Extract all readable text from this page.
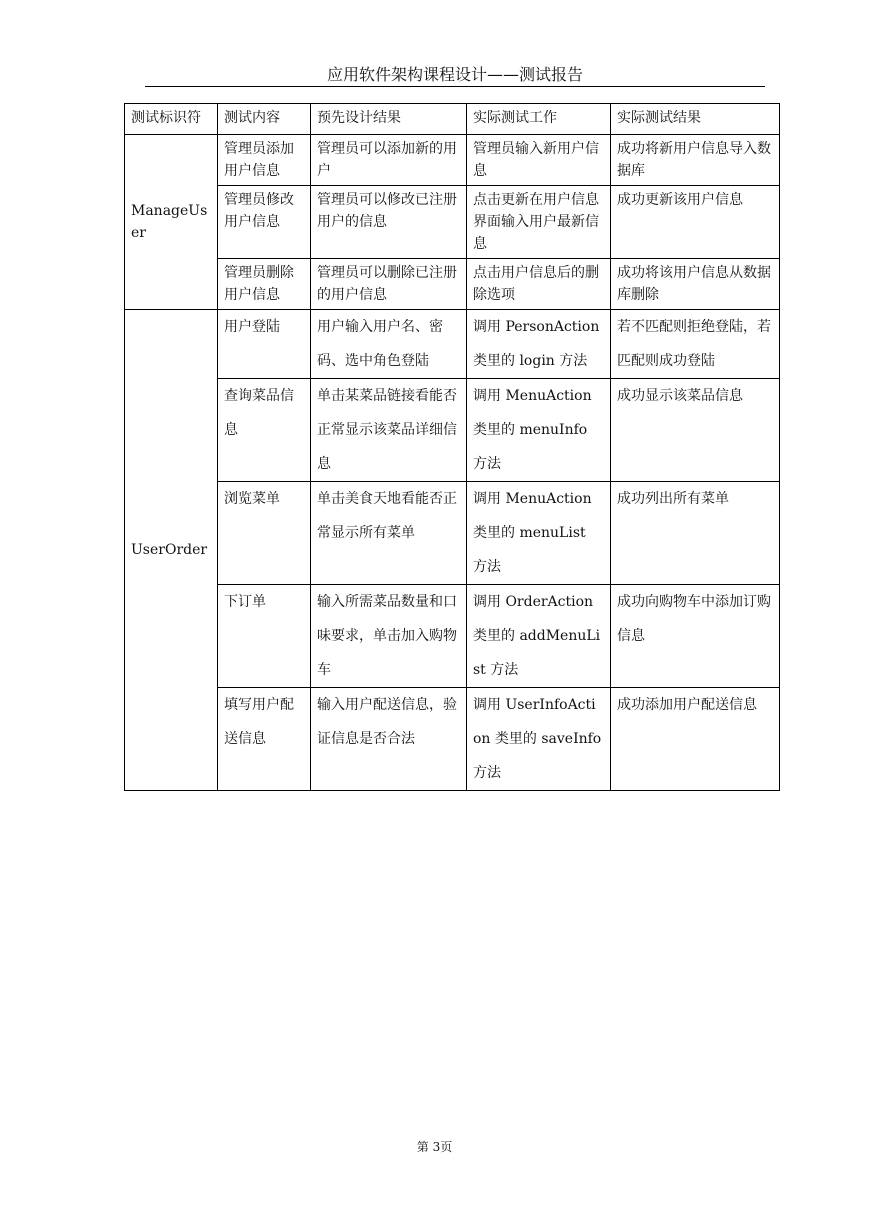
应用软件架构课程设计——测试报告
测试标识符	测试内容	预先设计结果	实际测试工作	实际测试结果
ManageUser	管理员添加用户信息	管理员可以添加新的用户	管理员输入新用户信息	成功将新用户信息导入数据库
	管理员修改用户信息	管理员可以修改已注册用户的信息	点击更新在用户信息界面输入用户最新信息	成功更新该用户信息
	管理员删除用户信息	管理员可以删除已注册的用户信息	点击用户信息后的删除选项	成功将该用户信息从数据库删除
UserOrder	用户登陆	用户输入用户名、密码、选中角色登陆	调用 PersonAction 类里的 login 方法	若不匹配则拒绝登陆，若匹配则成功登陆
	查询菜品信息	单击某菜品链接看能否正常显示该菜品详细信息	调用 MenuAction 类里的 menuInfo 方法	成功显示该菜品信息
	浏览菜单	单击美食天地看能否正常显示所有菜单	调用 MenuAction 类里的 menuList 方法	成功列出所有菜单
	下订单	输入所需菜品数量和口味要求，单击加入购物车	调用 OrderAction 类里的 addMenuList 方法	成功向购物车中添加订购信息
	填写用户配送信息	输入用户配送信息，验证信息是否合法	调用 UserInfoAction 类里的 saveInfo 方法	成功添加用户配送信息
第 3页
